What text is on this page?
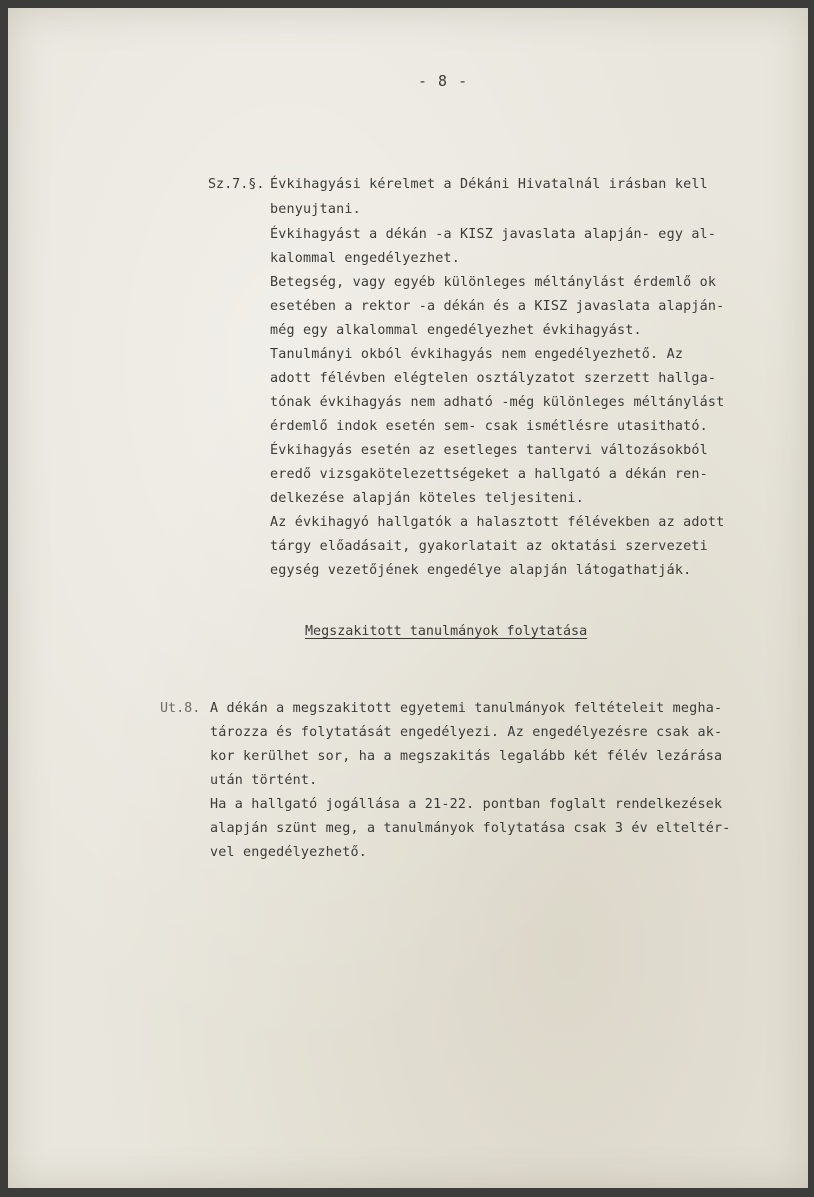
- 8 -
Sz.7.§. Évkihagyási kérelmet a Dékáni Hivatalnál irásban kell
benyujtani.
Évkihagyást a dékán -a KISZ javaslata alapján- egy al-
kalommal engedélyezhet.
Betegség, vagy egyéb különleges méltánylást érdemlő ok
esetében a rektor -a dékán és a KISZ javaslata alapján-
még egy alkalommal engedélyezhet évkihagyást.
Tanulmányi okból évkihagyás nem engedélyezhető. Az
adott félévben elégtelen osztályzatot szerzett hallga-
tónak évkihagyás nem adható -még különleges méltánylást
érdemlő indok esetén sem- csak ismétlésre utasitható.
Évkihagyás esetén az esetleges tantervi változásokból
eredő vizsgakötelezettségeket a hallgató a dékán ren-
delkezése alapján köteles teljesiteni.
Az évkihagyó hallgatók a halasztott félévekben az adott
tárgy előadásait, gyakorlatait az oktatási szervezeti
egység vezetőjének engedélye alapján látogathatják.
Megszakitott tanulmányok folytatása
Ut.8. A dékán a megszakitott egyetemi tanulmányok feltételeit megha-
tározza és folytatását engedélyezi. Az engedélyezésre csak ak-
kor kerülhet sor, ha a megszakitás legalább két félév lezárása
után történt.
Ha a hallgató jogállása a 21-22. pontban foglalt rendelkezések
alapján szünt meg, a tanulmányok folytatása csak 3 év elteltér-
vel engedélyezhető.
